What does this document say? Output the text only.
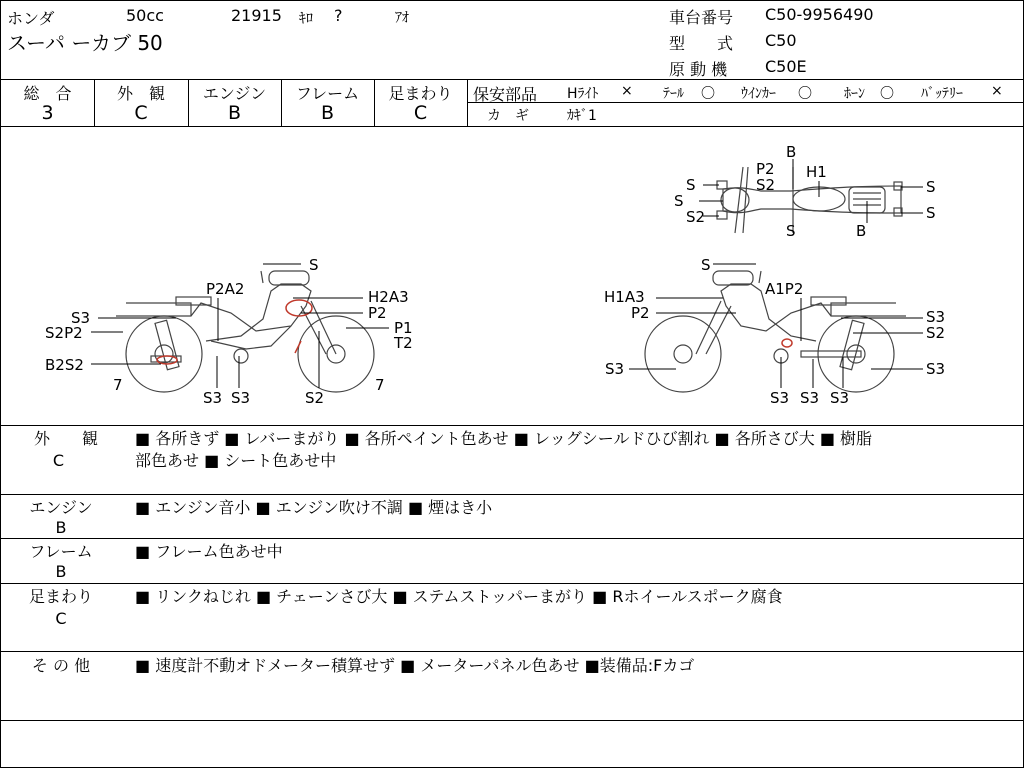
ホンダ	50cc	21915 ｷﾛ ?	ｱｵ
スーパ ーカブ 50
車台番号 C50-9956490
型　　式 C50
原 動 機 C50E
総　合
3
外　観
C
エンジン
B
フレーム
B
足まわり
C
保安部品 Hﾗｲﾄ × ﾃｰﾙ 〇 ｳｲﾝｶｰ 〇 ﾎｰﾝ 〇 ﾊﾞｯﾃﾘｰ ×
カ　ギ	ｶｷﾞ1
B
P2 H1
S	S2
S
S2
S
S
S	B
S
P2A2	H2A3
S3	P2
S2P2	P1
T2
B2S2
7
S3 S3	S2
7
S
H1A3	A1P2
P2	S3
S2
S3	S3
S3 S3 S3
外　　観
C
■ 各所きず ■ レバーまがり ■ 各所ペイント色あせ ■ レッグシールドひび割れ ■ 各所さび大 ■ 樹脂
部色あせ ■ シート色あせ中
エンジン
B
■ エンジン音小 ■ エンジン吹け不調 ■ 煙はき小
フレーム
B
■ フレーム色あせ中
足まわり
C
■ リンクねじれ ■ チェーンさび大 ■ ステムストッパーまがり ■ Rホイールスポーク腐食
そ の 他	■ 速度計不動オドメーター積算せず ■ メーターパネル色あせ ■装備品:Fカゴ
